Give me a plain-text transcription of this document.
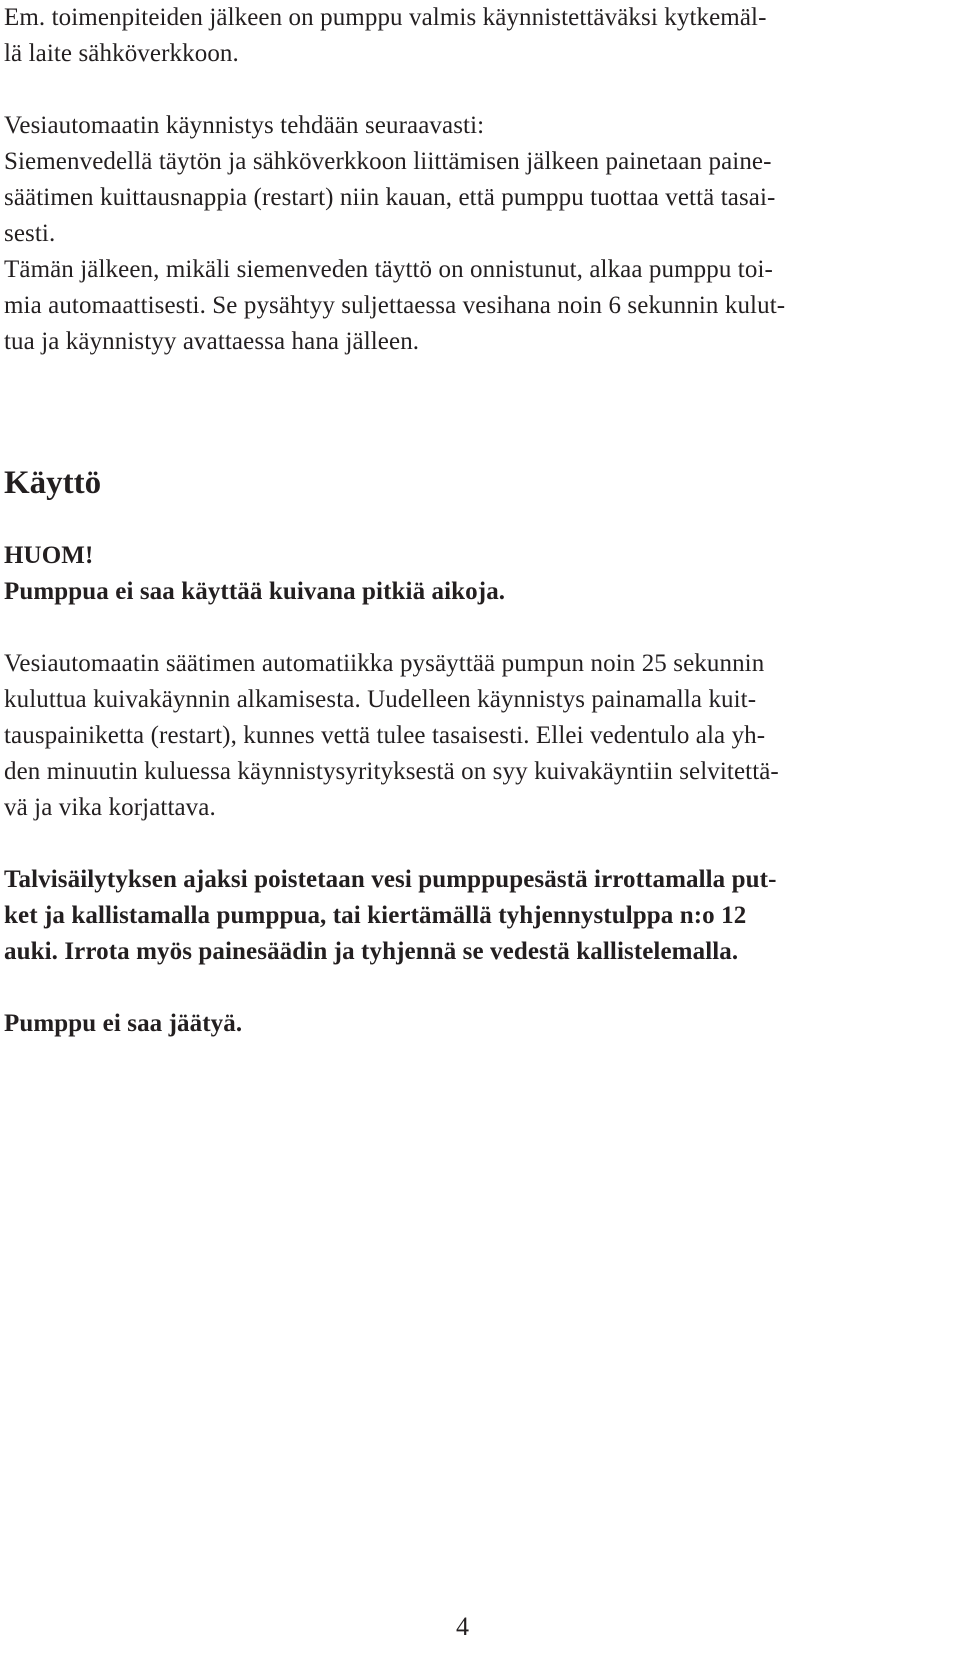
Em. toimenpiteiden jälkeen on pumppu valmis käynnistettäväksi kytkemäl-
lä laite sähköverkkoon.
Vesiautomaatin käynnistys tehdään seuraavasti:
Siemenvedellä täytön ja sähköverkkoon liittämisen jälkeen painetaan paine-
säätimen kuittausnappia (restart) niin kauan, että pumppu tuottaa vettä tasai-
sesti.
Tämän jälkeen, mikäli siemenveden täyttö on onnistunut, alkaa pumppu toi-
mia automaattisesti. Se pysähtyy suljettaessa vesihana noin 6 sekunnin kulut-
tua ja käynnistyy avattaessa hana jälleen.
Käyttö
HUOM!
Pumppua ei saa käyttää kuivana pitkiä aikoja.
Vesiautomaatin säätimen automatiikka pysäyttää pumpun noin 25 sekunnin
kuluttua kuivakäynnin alkamisesta. Uudelleen käynnistys painamalla kuit-
tauspainiketta (restart), kunnes vettä tulee tasaisesti. Ellei vedentulo ala yh-
den minuutin kuluessa käynnistysyrityksestä on syy kuivakäyntiin selvitettä-
vä ja vika korjattava.
Talvisäilytyksen ajaksi poistetaan vesi pumppupesästä irrottamalla put-
ket ja kallistamalla pumppua, tai kiertämällä tyhjennystulppa n:o 12
auki. Irrota myös painesäädin ja tyhjennä se vedestä kallistelemalla.
Pumppu ei saa jäätyä.
4
